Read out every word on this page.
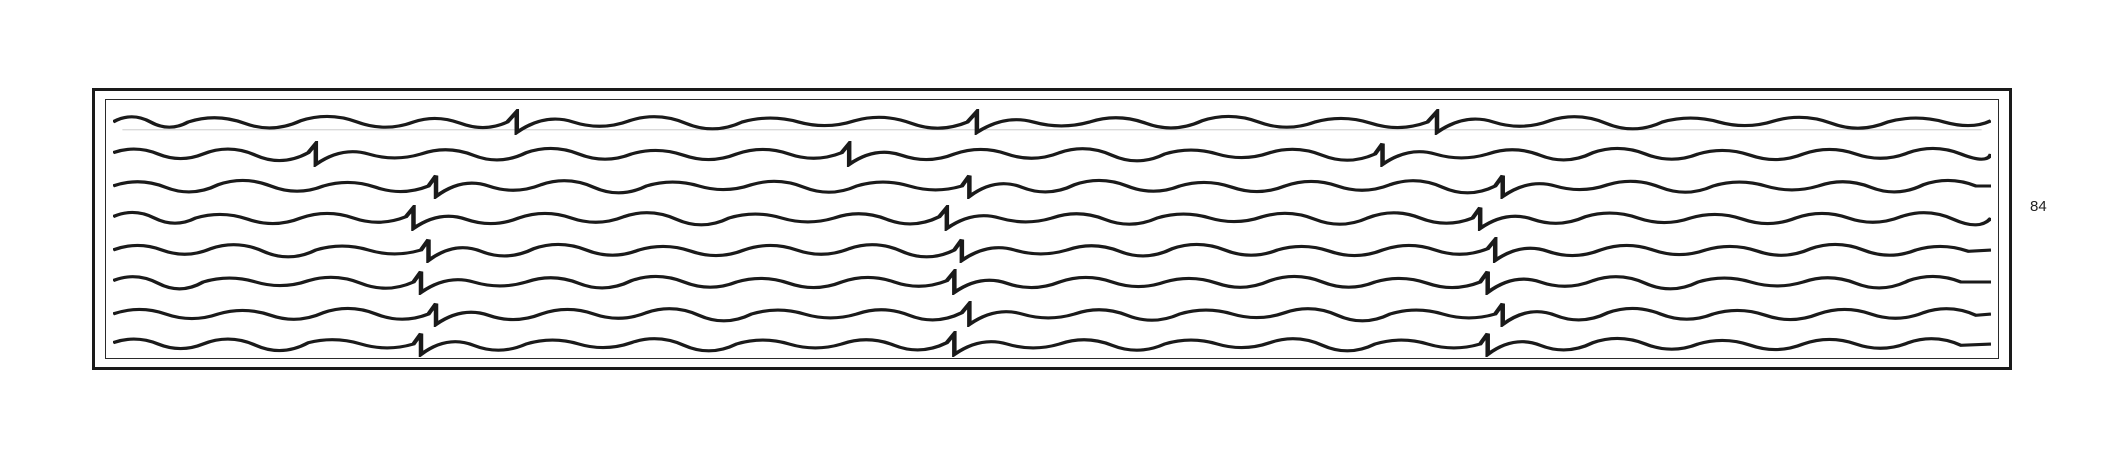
84
